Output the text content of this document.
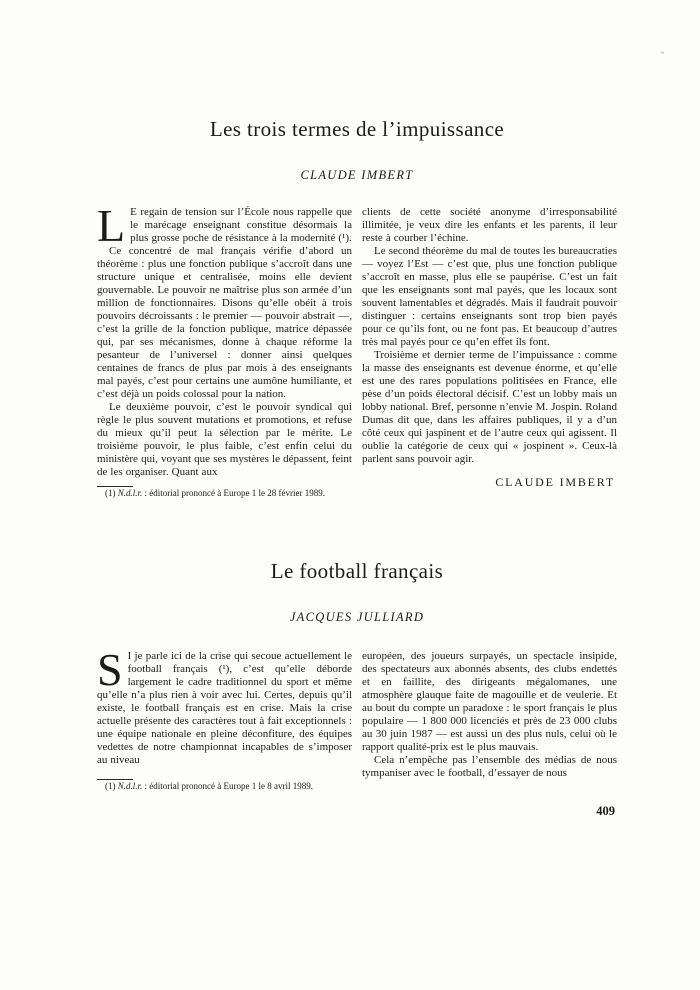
Les trois termes de l’impuissance
CLAUDE IMBERT

L E regain de tension sur l’École nous rappelle que le marécage enseignant constitue désormais la plus grosse poche de résistance à la modernité (¹).

Ce concentré de mal français vérifie d’abord un théorème : plus une fonction publique s’accroît dans une structure unique et centralisée, moins elle devient gouvernable. Le pouvoir ne maîtrise plus son armée d’un million de fonctionnaires. Disons qu’elle obéit à trois pouvoirs décroissants : le premier — pouvoir abstrait —, c’est la grille de la fonction publique, matrice dépassée qui, par ses mécanismes, donne à chaque réforme la pesanteur de l’universel : donner ainsi quelques centaines de francs de plus par mois à des enseignants mal payés, c’est pour certains une aumône humiliante, et c’est déjà un poids colossal pour la nation.

Le deuxième pouvoir, c’est le pouvoir syndical qui règle le plus souvent mutations et promotions, et refuse du mieux qu’il peut la sélection par le mérite. Le troisième pouvoir, le plus faible, c’est enfin celui du ministère qui, voyant que ses mystères le dépassent, feint de les organiser. Quant aux

(1) N.d.l.r. : éditorial prononcé à Europe 1 le 28 février 1989.

clients de cette société anonyme d’irresponsabilité illimitée, je veux dire les enfants et les parents, il leur reste à courber l’échine.

Le second théorème du mal de toutes les bureaucraties — voyez l’Est — c’est que, plus une fonction publique s’accroît en masse, plus elle se paupérise. C’est un fait que les enseignants sont mal payés, que les locaux sont souvent lamentables et dégradés. Mais il faudrait pouvoir distinguer : certains enseignants sont trop bien payés pour ce qu’ils font, ou ne font pas. Et beaucoup d’autres très mal payés pour ce qu’en effet ils font.

Troisième et dernier terme de l’impuissance : comme la masse des enseignants est devenue énorme, et qu’elle est une des rares populations politisées en France, elle pèse d’un poids électoral décisif. C’est un lobby mais un lobby national. Bref, personne n’envie M. Jospin. Roland Dumas dit que, dans les affaires publiques, il y a d’un côté ceux qui jaspinent et de l’autre ceux qui agissent. Il oublie la catégorie de ceux qui « jospinent ». Ceux-là parlent sans pouvoir agir.

CLAUDE IMBERT
Le football français
JACQUES JULLIARD

S I je parle ici de la crise qui secoue actuellement le football français (¹), c’est qu’elle déborde largement le cadre traditionnel du sport et même qu’elle n’a plus rien à voir avec lui. Certes, depuis qu’il existe, le football français est en crise. Mais la crise actuelle présente des caractères tout à fait exceptionnels : une équipe nationale en pleine déconfiture, des équipes vedettes de notre championnat incapables de s’imposer au niveau

(1) N.d.l.r. : éditorial prononcé à Europe 1 le 8 avril 1989.

européen, des joueurs surpayés, un spectacle insipide, des spectateurs aux abonnés absents, des clubs endettés et en faillite, des dirigeants mégalomanes, une atmosphère glauque faite de magouille et de veulerie. Et au bout du compte un paradoxe : le sport français le plus populaire — 1 800 000 licenciés et près de 23 000 clubs au 30 juin 1987 — est aussi un des plus nuls, celui où le rapport qualité-prix est le plus mauvais.

Cela n’empêche pas l’ensemble des médias de nous tympaniser avec le football, d’essayer de nous

409
